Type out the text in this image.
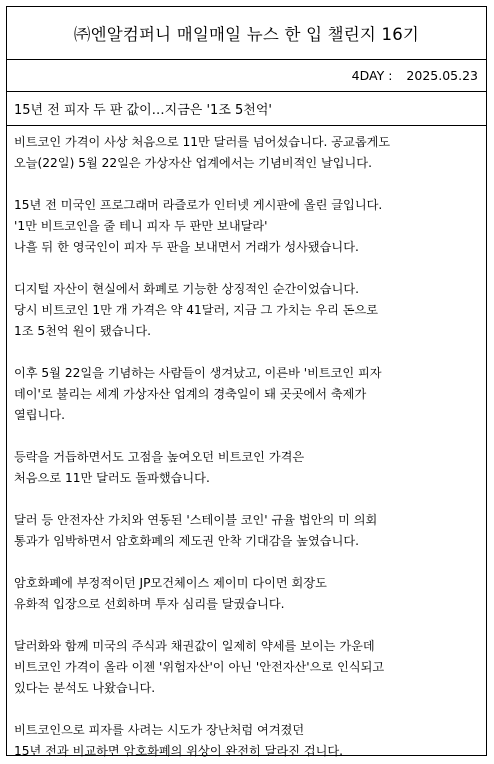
㈜엔알컴퍼니 매일매일 뉴스 한 입 챌린지 16기
4DAY : 2025.05.23
15년 전 피자 두 판 값이…지금은 '1조 5천억'

비트코인 가격이 사상 처음으로 11만 달러를 넘어섰습니다. 공교롭게도
오늘(22일) 5월 22일은 가상자산 업계에서는 기념비적인 날입니다.

15년 전 미국인 프로그래머 라즐로가 인터넷 게시판에 올린 글입니다.
'1만 비트코인을 줄 테니 피자 두 판만 보내달라'
나흘 뒤 한 영국인이 피자 두 판을 보내면서 거래가 성사됐습니다.

디지털 자산이 현실에서 화폐로 기능한 상징적인 순간이었습니다.
당시 비트코인 1만 개 가격은 약 41달러, 지금 그 가치는 우리 돈으로
1조 5천억 원이 됐습니다.

이후 5월 22일을 기념하는 사람들이 생겨났고, 이른바 '비트코인 피자
데이'로 불리는 세계 가상자산 업계의 경축일이 돼 곳곳에서 축제가
열립니다.

등락을 거듭하면서도 고점을 높여오던 비트코인 가격은
처음으로 11만 달러도 돌파했습니다.

달러 등 안전자산 가치와 연동된 '스테이블 코인' 규율 법안의 미 의회
통과가 임박하면서 암호화폐의 제도권 안착 기대감을 높였습니다.

암호화폐에 부정적이던 JP모건체이스 제이미 다이먼 회장도
유화적 입장으로 선회하며 투자 심리를 달궜습니다.

달러화와 함께 미국의 주식과 채권값이 일제히 약세를 보이는 가운데
비트코인 가격이 올라 이젠 '위험자산'이 아닌 '안전자산'으로 인식되고
있다는 분석도 나왔습니다.

비트코인으로 피자를 사려는 시도가 장난처럼 여겨졌던
15년 전과 비교하면 암호화폐의 위상이 완전히 달라진 겁니다.
